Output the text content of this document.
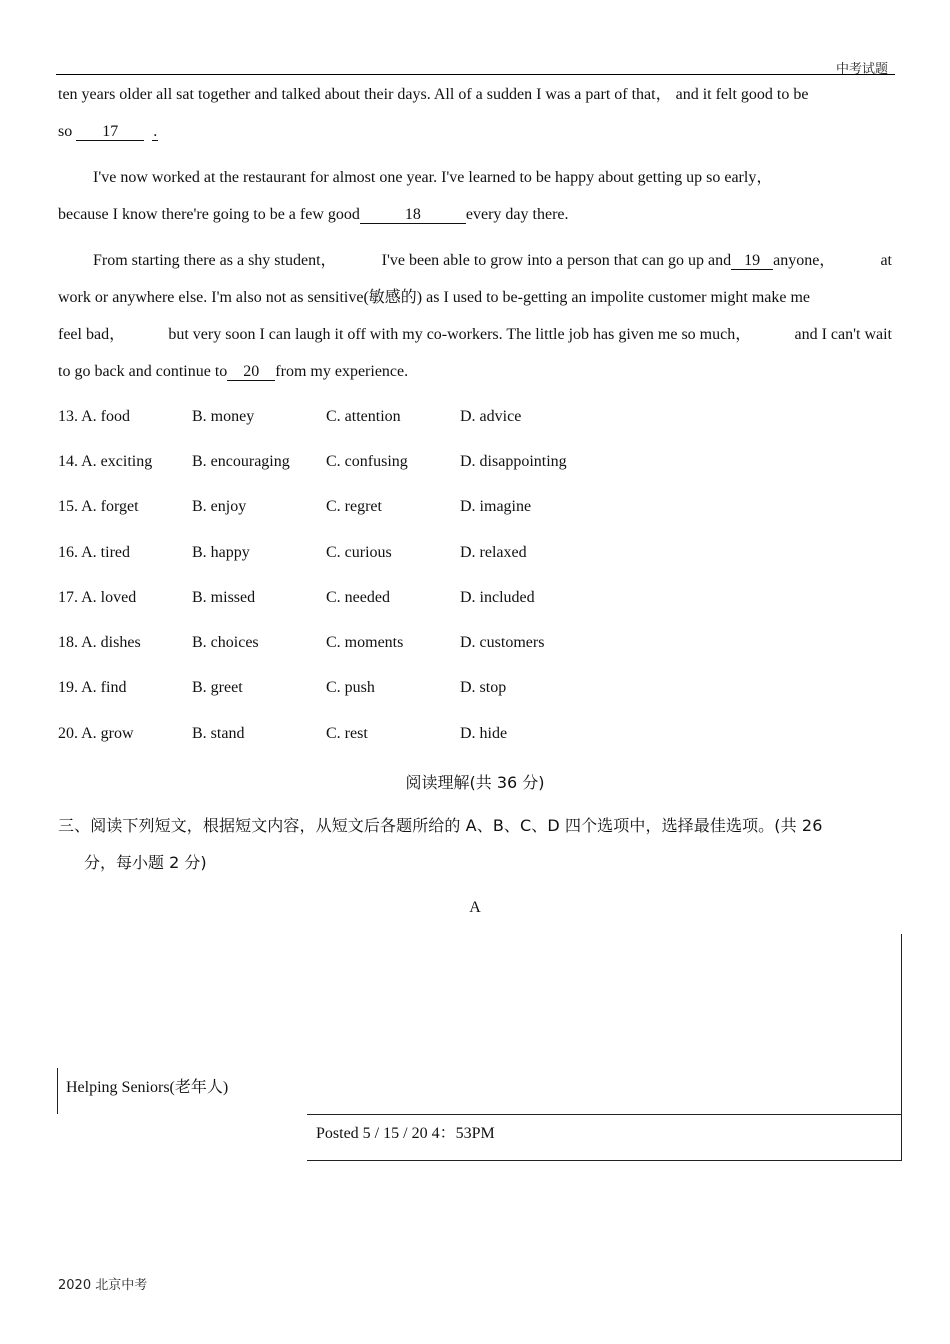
中考试题
ten years older all sat together and talked about their days. All of a sudden I was a part of that， and it felt good to be
so 17 .
I've now worked at the restaurant for almost one year. I've learned to be happy about getting up so early，
because I know there're going to be a few good	18	every day there.
From starting there as a shy student，	I've been able to grow into a person that can go up and 19 anyone，	at
work or anywhere else. I'm also not as sensitive(敏感的) as I used to be-getting an impolite customer might make me
feel bad，	but very soon I can laugh it off with my co-workers. The little job has given me so much，	and I can't wait
to go back and continue to 20 from my experience.
13. A. food	B. money	C. attention	D. advice
14. A. exciting B. encouraging C. confusing	D. disappointing
15. A. forget	B. enjoy	C. regret	D. imagine
16. A. tired	B. happy	C. curious	D. relaxed
17. A. loved	B. missed	C. needed	D. included
18. A. dishes	B. choices	C. moments	D. customers
19. A. find	B. greet	C. push	D. stop
20. A. grow	B. stand	C. rest	D. hide
阅读理解(共 36 分)
三、阅读下列短文，根据短文内容，从短文后各题所给的 A、B、C、D 四个选项中，选择最佳选项。(共 26
分，每小题 2 分)
A
Helping Seniors(老年人)
Posted 5 / 15 / 20 4：53PM
2020 北京中考
